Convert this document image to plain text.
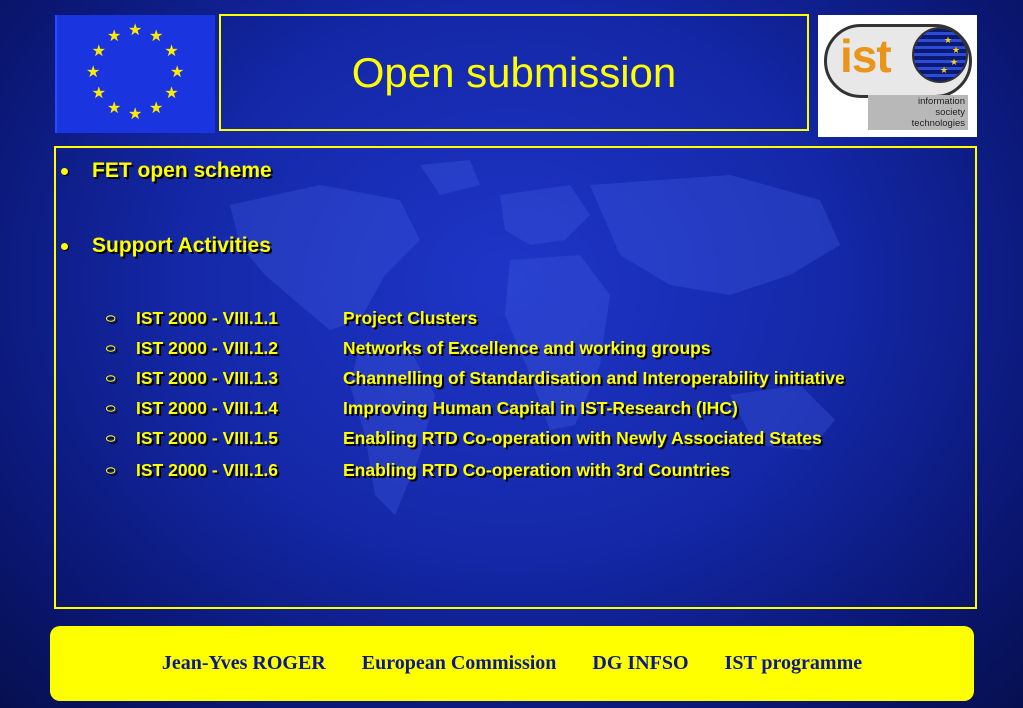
★ ★
★
★
★
★
★
★
★
★
★
★
Open submission	ist	★
★
★
★
information
society
technologies
FET open scheme
Support Activities
⬭ IST 2000 - VIII.1.1	Project Clusters
⬭ IST 2000 - VIII.1.2	Networks of Excellence and working groups
⬭ IST 2000 - VIII.1.3	Channelling of Standardisation and Interoperability initiative
⬭ IST 2000 - VIII.1.4	Improving Human Capital in IST-Research (IHC)
⬭ IST 2000 - VIII.1.5	Enabling RTD Co-operation with Newly Associated States
⬭ IST 2000 - VIII.1.6	Enabling RTD Co-operation with 3rd Countries
Jean-Yves ROGER European Commission DG INFSO IST programme
